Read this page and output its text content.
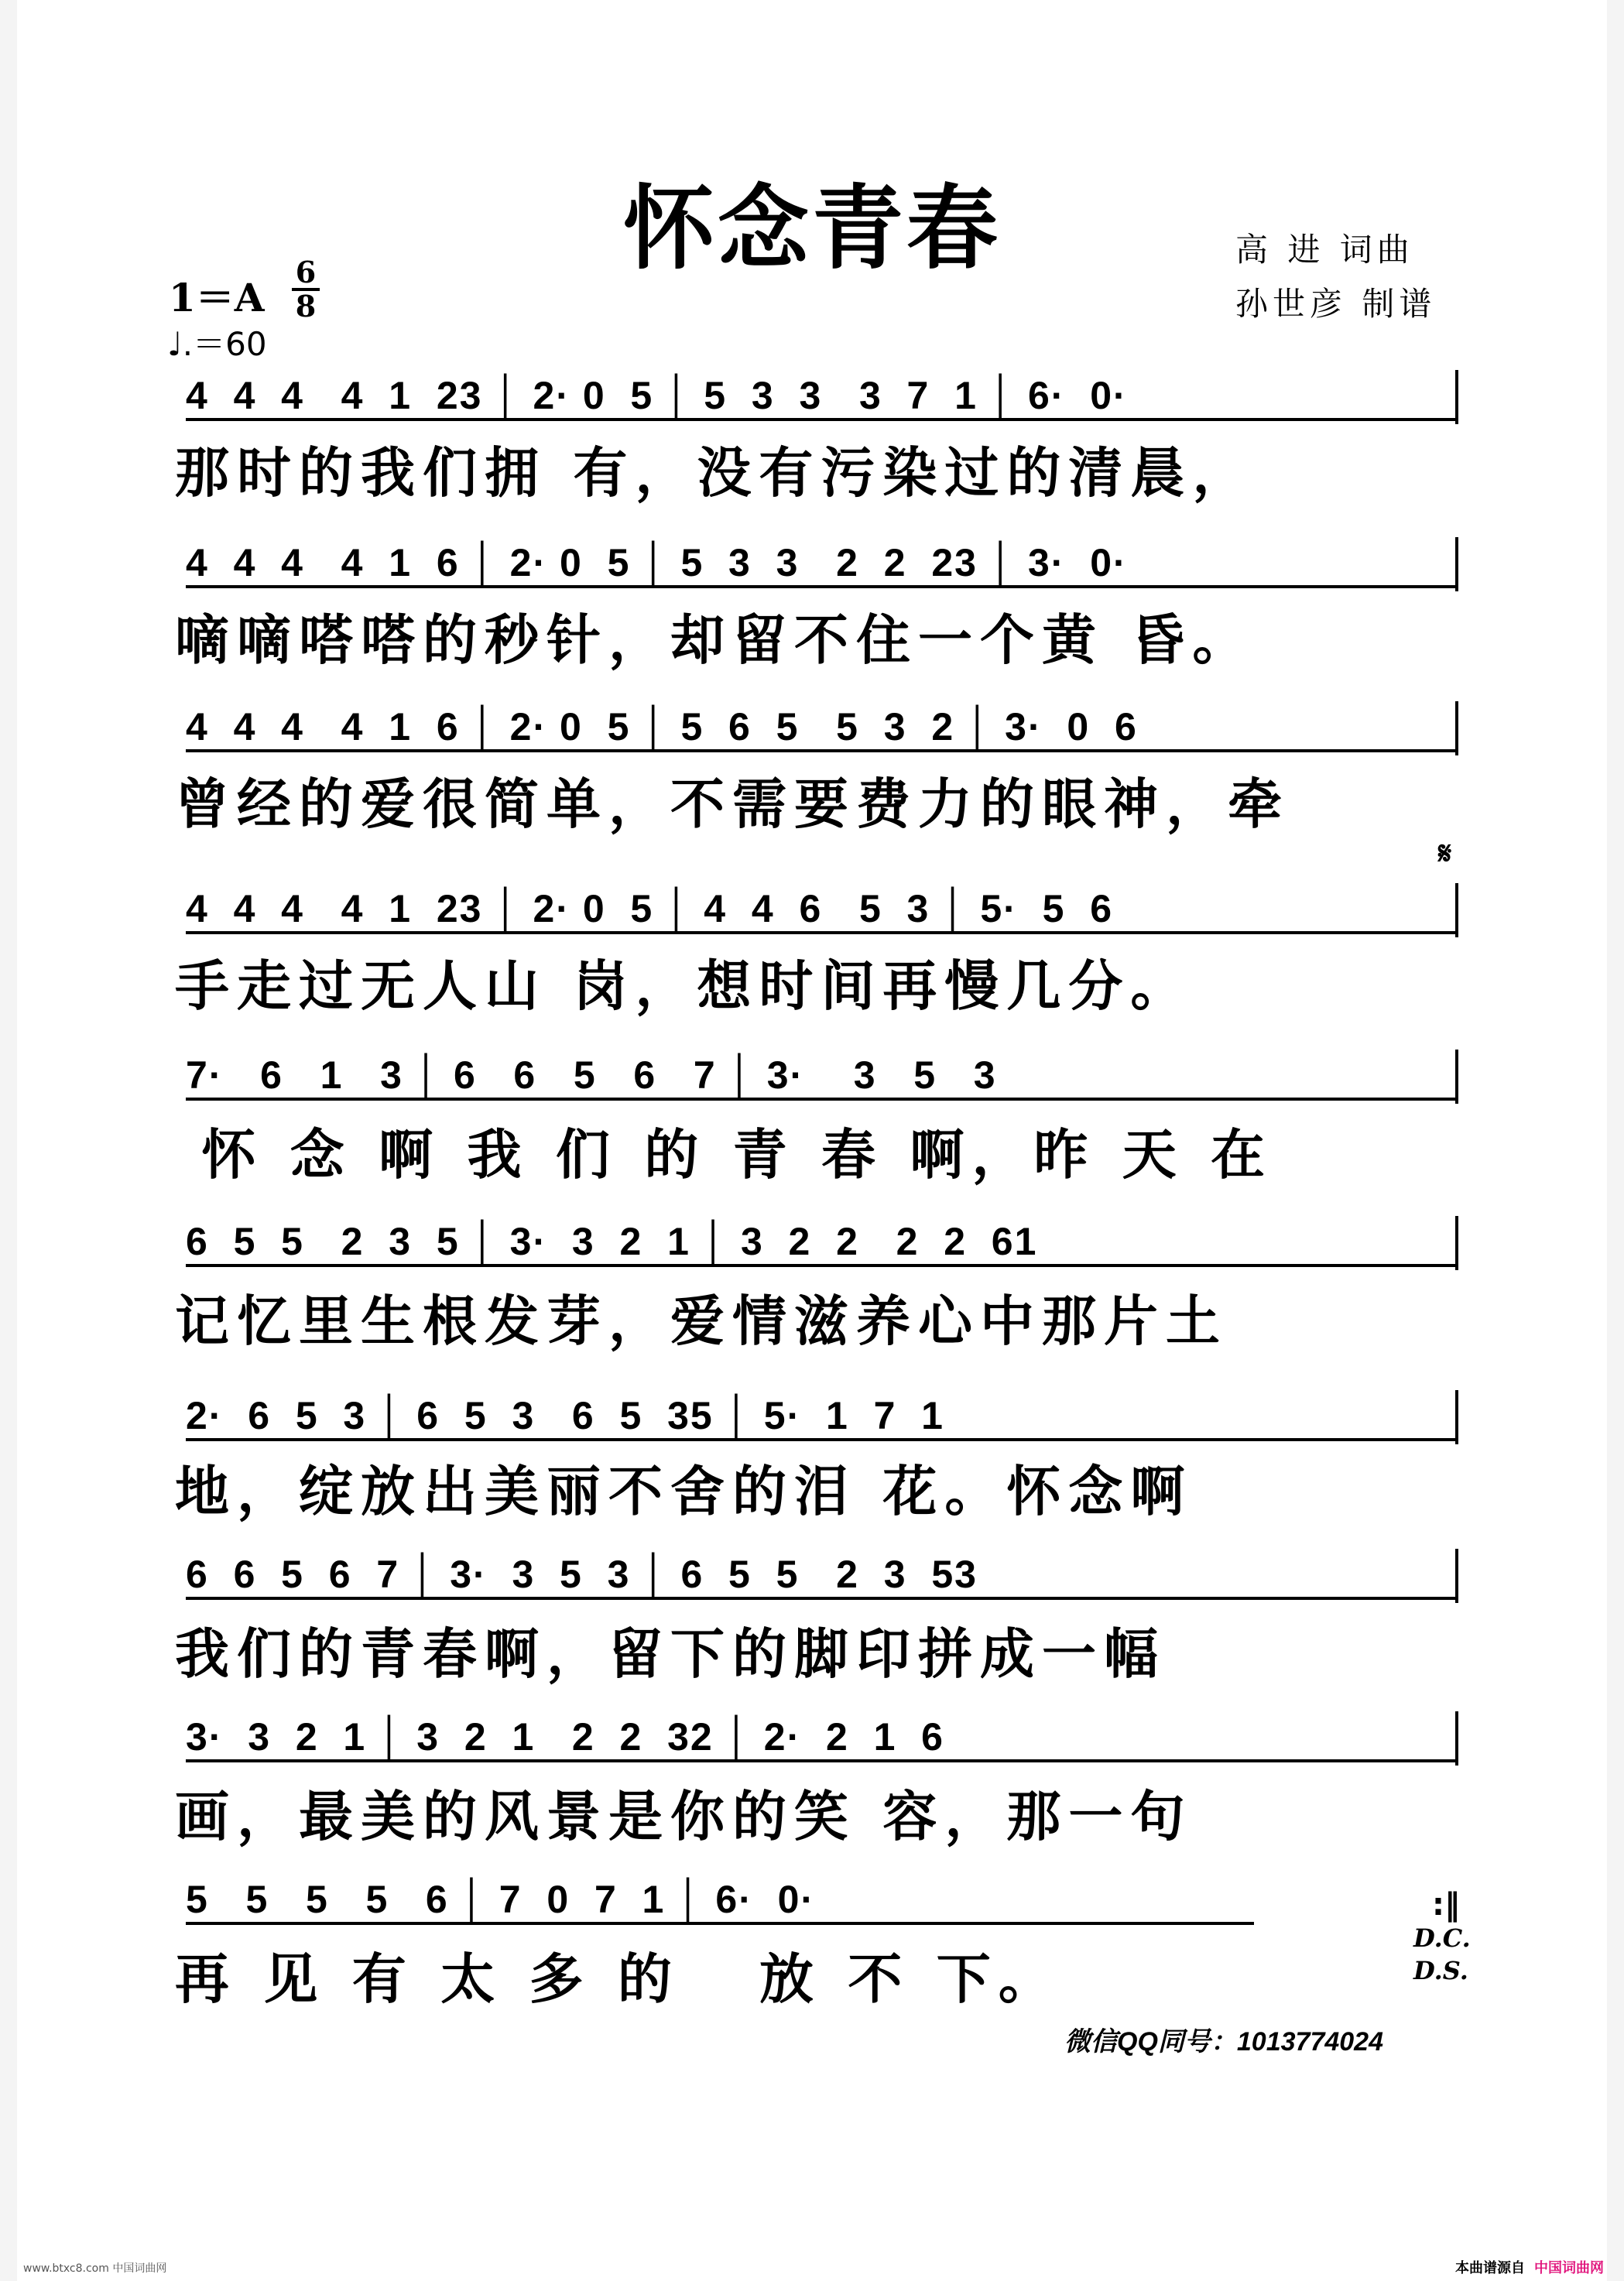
怀念青春	高 进 词曲
孙世彦 制谱
1＝A
6
8
♩.＝60
4  4  4   4  1  23 │ 2· 0  5 │ 5  3  3   3  7  1 │ 6·  0·
那时的我们拥 有，没有污染过的清晨，
4  4  4   4  1  6 │ 2· 0  5 │ 5  3  3   2  2  23 │ 3·  0·
嘀嘀嗒嗒的秒针，却留不住一个黄 昏。
4  4  4   4  1  6 │ 2· 0  5 │ 5  6  5   5  3  2 │ 3·  0  6
曾经的爱很简单，不需要费力的眼神，牵
4  4  4   4  1  23 │ 2· 0  5 │ 4  4  6   5  3 │ 5·  5  6
手走过无人山 岗，想时间再慢几分。
𝄋
7·   6   1   3 │ 6   6   5   6   7 │ 3·    3   5   3
怀 念 啊 我 们 的 青 春 啊，昨 天 在
6  5  5   2  3  5 │ 3·  3  2  1 │ 3  2  2   2  2  61
记忆里生根发芽，爱情滋养心中那片土
2·  6  5  3 │ 6  5  3   6  5  35 │ 5·  1  7  1
地，绽放出美丽不舍的泪 花。怀念啊
6  6  5  6  7 │ 3·  3  5  3 │ 6  5  5   2  3  53
我们的青春啊，留下的脚印拼成一幅
3·  3  2  1 │ 3  2  1   2  2  32 │ 2·  2  1  6
画，最美的风景是你的笑 容，那一句
5   5   5   5   6 │ 7  0  7  1 │ 6·  0·
再 见 有 太 多 的   放 不 下。
:‖
D.C.
D.S.
微信QQ同号：1013774024
www.btxc8.com 中国词曲网	本曲谱源自 中国词曲网
